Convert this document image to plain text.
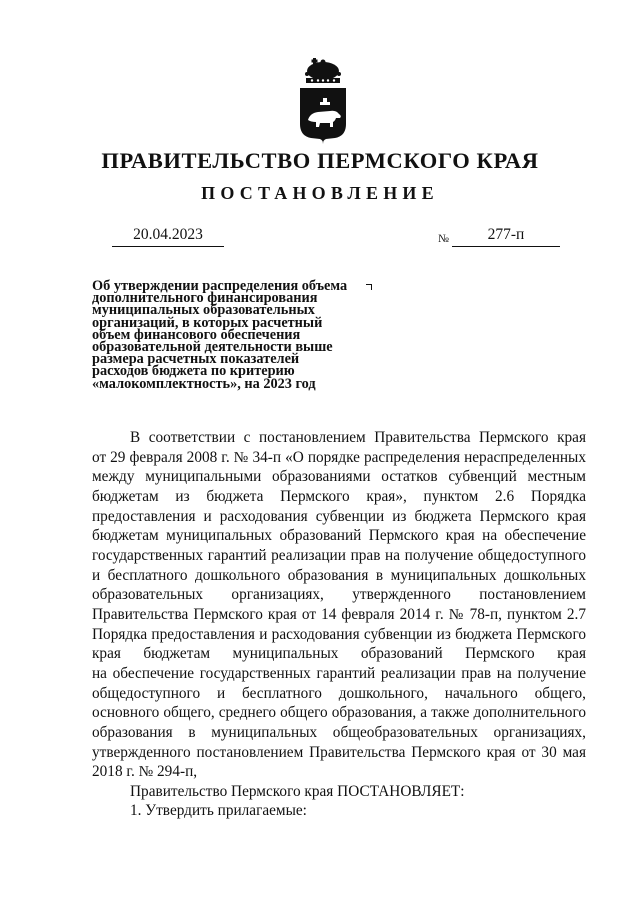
ПРАВИТЕЛЬСТВО ПЕРМСКОГО КРАЯ
ПОСТАНОВЛЕНИЕ
20.04.2023	№	277-п
Об утверждении распределения объема
дополнительного финансирования
муниципальных образовательных
организаций, в которых расчетный
объем финансового обеспечения
образовательной деятельности выше
размера расчетных показателей
расходов бюджета по критерию
«малокомплектность», на 2023 год
В соответствии с постановлением Правительства Пермского края
от 29 февраля 2008 г. № 34-п «О порядке распределения нераспределенных
между муниципальными образованиями остатков субвенций местным
бюджетам из бюджета Пермского края», пунктом 2.6 Порядка
предоставления и расходования субвенции из бюджета Пермского края
бюджетам муниципальных образований Пермского края на обеспечение
государственных гарантий реализации прав на получение общедоступного
и бесплатного дошкольного образования в муниципальных дошкольных
образовательных организациях, утвержденного постановлением
Правительства Пермского края от 14 февраля 2014 г. № 78-п, пунктом 2.7
Порядка предоставления и расходования субвенции из бюджета Пермского
края бюджетам муниципальных образований Пермского края
на обеспечение государственных гарантий реализации прав на получение
общедоступного и бесплатного дошкольного, начального общего,
основного общего, среднего общего образования, а также дополнительного
образования в муниципальных общеобразовательных организациях,
утвержденного постановлением Правительства Пермского края от 30 мая
2018 г. № 294-п,
Правительство Пермского края ПОСТАНОВЛЯЕТ:
1. Утвердить прилагаемые:
